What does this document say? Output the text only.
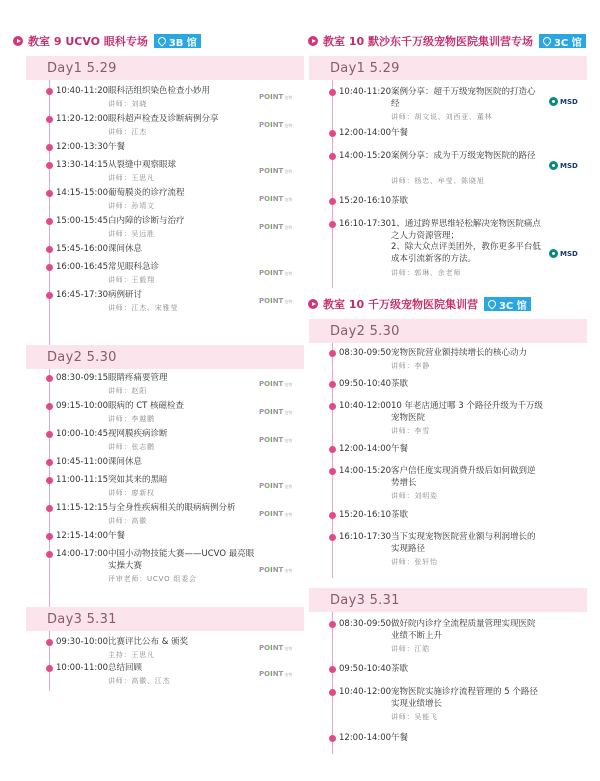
教室 9 UCVO 眼科专场 3B 馆
Day1 5.29
10:40-11:20 眼科活组织染色检查小妙用
讲师：刘晓
POINT宠物
11:20-12:00 眼科超声检查及诊断病例分享
讲师：江杰
POINT宠物
12:00-13:30 午餐
13:30-14:15 从裂缝中观察眼球
讲师：王思凡
POINT宠物
14:15-15:00 葡萄膜炎的诊疗流程
讲师：孙靖文
POINT宠物
15:00-15:45 白内障的诊断与治疗
讲师：吴远胜
POINT宠物
15:45-16:00 课间休息
16:00-16:45 常见眼科急诊
讲师：王毅翔
POINT宠物
16:45-17:30 病例研讨
讲师：江杰、宋雅莹
POINT宠物
Day2 5.30
08:30-09:15 眼睛疼痛要管理
讲师：赵阳
POINT宠物
09:15-10:00 眼病的 CT 核磁检查
讲师：李越鹏
POINT宠物
10:00-10:45 视网膜疾病诊断
讲师：张志鹏
POINT宠物
10:45-11:00 课间休息
11:00-11:15 突如其来的黑暗
讲师：廖新权
POINT宠物
11:15-12:15 与全身性疾病相关的眼病病例分析
讲师：高徽
POINT宠物
12:15-14:00 午餐
14:00-17:00 中国小动物技能大赛——UCVO 最亮眼实操大赛
评审老师：UCVO 组委会
POINT宠物
Day3 5.31
09:30-10:00 比赛评比公布 & 颁奖
主持：王思凡
POINT宠物
10:00-11:00 总结回顾
讲师：高徽、江杰
POINT宠物
教室 10 默沙东千万级宠物医院集训营专场 3C 馆
Day1 5.29
10:40-11:20 案例分享：超千万级宠物医院的打造心经
讲师：胡文说、刘西亚、董林
MSD
12:00-14:00 午餐
14:00-15:20 案例分享：成为千万级宠物医院的路径
讲师：杨忠、牟莹、陈晓旭
MSD
15:20-16:10 茶歇
16:10-17:30 1、通过跨界思维轻松解决宠物医院痛点之人力资源管理；
2、除大众点评美团外，教你更多平台低成本引流新客的方法。
讲师：郭琳、余老师
MSD
教室 10 千万级宠物医院集训营 3C 馆
Day2 5.30
08:30-09:50 宠物医院营业额持续增长的核心动力
讲师：李静
09:50-10:40 茶歇
10:40-12:00 10 年老店通过哪 3 个路径升级为千万级宠物医院
讲师：李雪
12:00-14:00 午餐
14:00-15:20 客户信任度实现消费升级后如何做到逆势增长
讲师：刘明姿
15:20-16:10 茶歇
16:10-17:30 当下实现宠物医院营业额与利润增长的实现路径
讲师：张轩怡
Day3 5.31
08:30-09:50 做好院内诊疗全流程质量管理实现医院业绩不断上升
讲师：江皓
09:50-10:40 茶歇
10:40-12:00 宠物医院实施诊疗流程管理的 5 个路径实现业绩增长
讲师：吴能飞
12:00-14:00 午餐
